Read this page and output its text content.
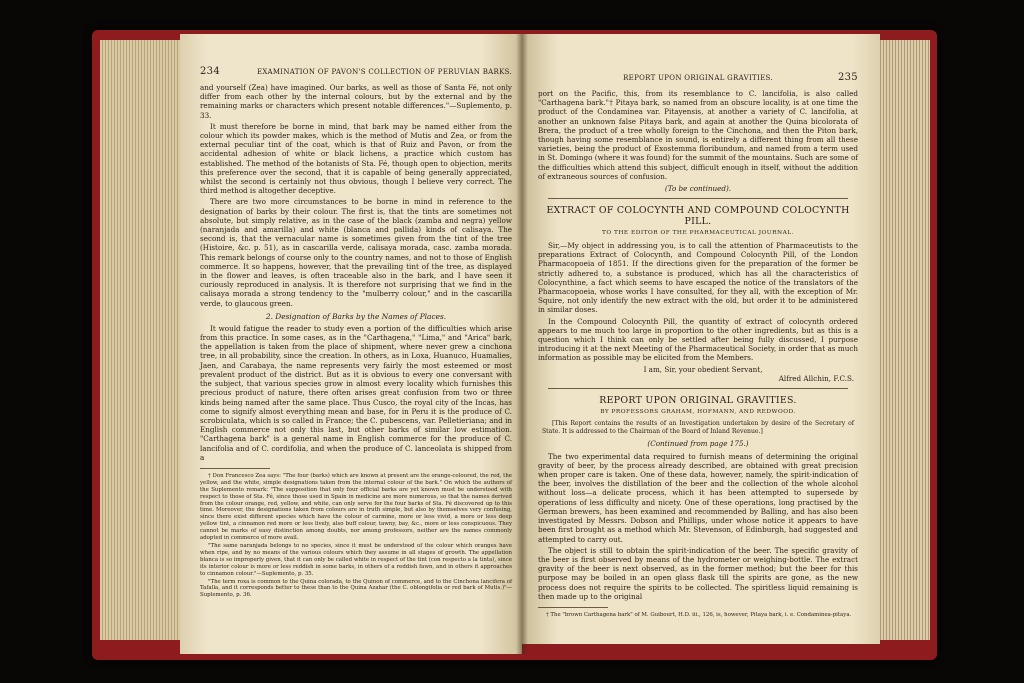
234	EXAMINATION OF PAVON'S COLLECTION OF PERUVIAN BARKS.

and yourself (Zea) have imagined. Our barks, as well as those of Santa Fé, not only differ from each other by the internal colours, but by the external and by the remaining marks or characters which present notable differences."—Suplemento, p. 33.

It must therefore be borne in mind, that bark may be named either from the colour which its powder makes, which is the method of Mutis and Zea, or from the external peculiar tint of the coat, which is that of Ruiz and Pavon, or from the accidental adhesion of white or black lichens, a practice which custom has established. The method of the botanists of Sta. Fé, though open to objection, merits this preference over the second, that it is capable of being generally appreciated, whilst the second is certainly not thus obvious, though I believe very correct. The third method is altogether deceptive.

There are two more circumstances to be borne in mind in reference to the designation of barks by their colour. The first is, that the tints are sometimes not absolute, but simply relative, as in the case of the black (zamba and negra) yellow (naranjada and amarilla) and white (blanca and pallida) kinds of calisaya. The second is, that the vernacular name is sometimes given from the tint of the tree (Histoire, &c. p. 51), as in cascarilla verde, calisaya morada, casc. zamba morada. This remark belongs of course only to the country names, and not to those of English commerce. It so happens, however, that the prevailing tint of the tree, as displayed in the flower and leaves, is often traceable also in the bark, and I have seen it curiously reproduced in analysis. It is therefore not surprising that we find in the calisaya morada a strong tendency to the "mulberry colour," and in the cascarilla verde, to glaucous green.

2. Designation of Barks by the Names of Places.

It would fatigue the reader to study even a portion of the difficulties which arise from this practice. In some cases, as in the "Carthagena," "Lima," and "Arica" bark, the appellation is taken from the place of shipment, where never grew a cinchona tree, in all probability, since the creation. In others, as in Loxa, Huanuco, Huamalies, Jaen, and Carabaya, the name represents very fairly the most esteemed or most prevalent product of the district. But as it is obvious to every one conversant with the subject, that various species grow in almost every locality which furnishes this precious product of nature, there often arises great confusion from two or three kinds being named after the same place. Thus Cusco, the royal city of the Incas, has come to signify almost everything mean and base, for in Peru it is the produce of C. scrobiculata, which is so called in France; the C. pubescens, var. Pelletieriana; and in English commerce not only this last, but other barks of similar low estimation. "Carthagena bark" is a general name in English commerce for the produce of C. lancifolia and of C. cordifolia, and when the produce of C. lanceolata is shipped from a

† Don Francesco Zea says: "The four (barks) which are known at present are the orange-coloured, the red, the yellow, and the white, simple designations taken from the internal colour of the bark." On which the authors of the Suplemento remark: "The supposition that only four official barks are yet known must be understood with respect to those of Sta. Fé, since those used in Spain in medicine are more numerous, so that the names derived from the colour orange, red, yellow, and white, can only serve for the four barks of Sta. Fé discovered up to this time. Moreover, the designations taken from colours are in truth simple, but also by themselves very confusing, since there exist different species which have the colour of carmine, more or less vivid, a more or less deep yellow tint, a cinnamon red more or less lively, also buff colour, tawny, bay, &c., more or less conspicuous. They cannot be marks of easy distinction among doubts, nor among professors, neither are the names commonly adopted in commerce of more avail.

"The same naranjada belongs to no species, since it must be understood of the colour which oranges have when ripe, and by no means of the various colours which they assume in all stages of growth. The appellation blanca is so improperly given, that it can only be called white in respect of the tint (con respecto a la tinta), since its interior colour is more or less reddish in some barks, in others of a reddish fawn, and in others it approaches to cinnamon colour."—Suplemento, p. 35.

"The term roxa is common to the Quina colorada, to the Quinon of commerce, and to the Cinchona lancifera of Tafalla, and it corresponds better to these than to the Quina Azahar (the C. oblongifolia or red bark of Mutis.)"—Suplemento, p. 36.

REPORT UPON ORIGINAL GRAVITIES.	235

port on the Pacific, this, from its resemblance to C. lancifolia, is also called "Carthagena bark."† Pitaya bark, so named from an obscure locality, is at one time the product of the Condaminea var. Pitayensis, at another a variety of C. lancifolia, at another an unknown false Pitaya bark, and again at another the Quina bicolorata of Brera, the product of a tree wholly foreign to the Cinchona, and then the Piton bark, though having some resemblance in sound, is entirely a different thing from all these varieties, being the product of Exostemma floribundum, and named from a term used in St. Domingo (where it was found) for the summit of the mountains. Such are some of the difficulties which attend this subject, difficult enough in itself, without the addition of extraneous sources of confusion.

(To be continued).
EXTRACT OF COLOCYNTH AND COMPOUND COLOCYNTH PILL.
TO THE EDITOR OF THE PHARMACEUTICAL JOURNAL.

Sir,—My object in addressing you, is to call the attention of Pharmaceutists to the preparations Extract of Colocynth, and Compound Colocynth Pill, of the London Pharmacopoeia of 1851. If the directions given for the preparation of the former be strictly adhered to, a substance is produced, which has all the characteristics of Colocynthine, a fact which seems to have escaped the notice of the translators of the Pharmacopoeia, whose works I have consulted, for they all, with the exception of Mr. Squire, not only identify the new extract with the old, but order it to be administered in similar doses.

In the Compound Colocynth Pill, the quantity of extract of colocynth ordered appears to me much too large in proportion to the other ingredients, but as this is a question which I think can only be settled after being fully discussed, I purpose introducing it at the next Meeting of the Pharmaceutical Society, in order that as much information as possible may be elicited from the Members.

I am, Sir, your obedient Servant,

Alfred Allchin, F.C.S.

REPORT UPON ORIGINAL GRAVITIES.
BY PROFESSORS GRAHAM, HOFMANN, AND REDWOOD.

[This Report contains the results of an Investigation undertaken by desire of the Secretary of State. It is addressed to the Chairman of the Board of Inland Revenue.]

(Continued from page 175.)

The two experimental data required to furnish means of determining the original gravity of beer, by the process already described, are obtained with great precision when proper care is taken. One of these data, however, namely, the spirit-indication of the beer, involves the distillation of the beer and the collection of the whole alcohol without loss—a delicate process, which it has been attempted to supersede by operations of less difficulty and nicety. One of these operations, long practised by the German brewers, has been examined and recommended by Balling, and has also been investigated by Messrs. Dobson and Phillips, under whose notice it appears to have been first brought as a method which Mr. Stevenson, of Edinburgh, had suggested and attempted to carry out.

The object is still to obtain the spirit-indication of the beer. The specific gravity of the beer is first observed by means of the hydrometer or weighing-bottle. The extract gravity of the beer is next observed, as in the former method; but the beer for this purpose may be boiled in an open glass flask till the spirits are gone, as the new process does not require the spirits to be collected. The spiritless liquid remaining is then made up to the original

† The "brown Carthagena bark" of M. Guibourt, H.D. iii., 126, is, however, Pitaya bark, i. e. Condaminea-pitaya.
